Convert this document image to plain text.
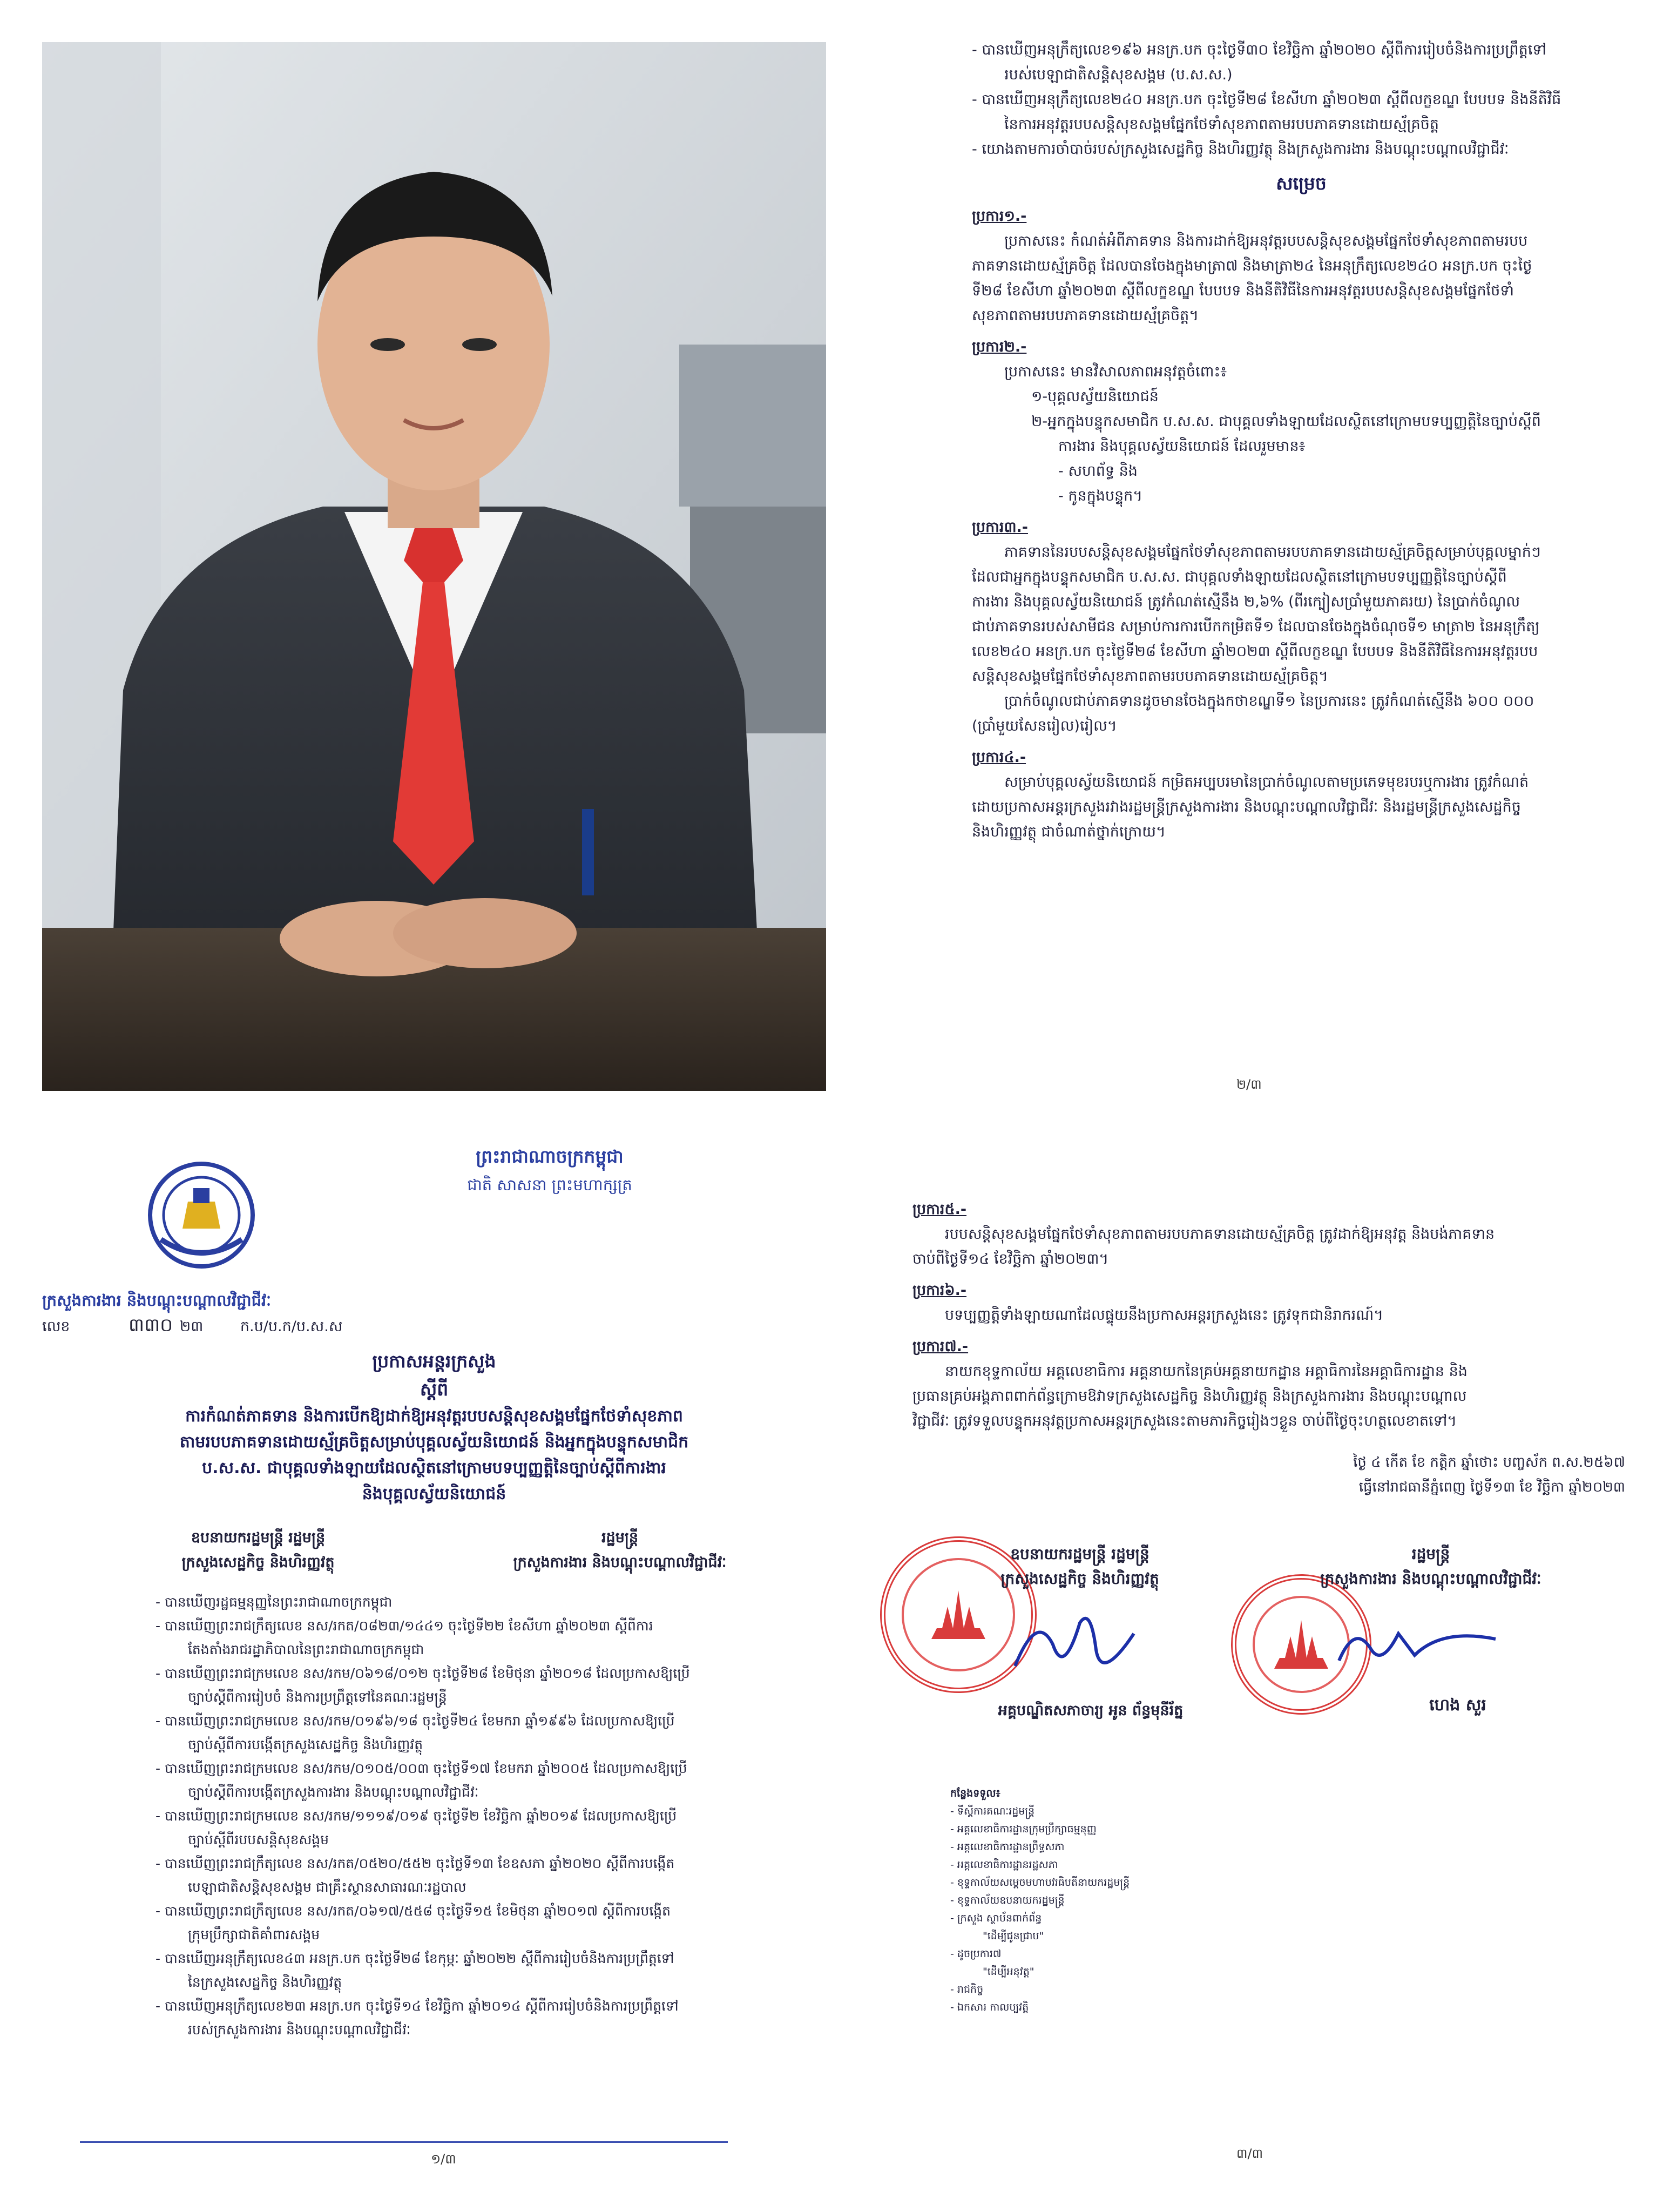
- បានឃើញអនុក្រឹត្យលេខ១៩៦ អនក្រ.បក ចុះថ្ងៃទី៣០ ខែវិច្ឆិកា ឆ្នាំ២០២០ ស្តីពីការរៀបចំនិងការប្រព្រឹត្តទៅ
របស់បេឡាជាតិសន្តិសុខសង្គម (ប.ស.ស.)
- បានឃើញអនុក្រឹត្យលេខ២៤០ អនក្រ.បក ចុះថ្ងៃទី២៨ ខែសីហា ឆ្នាំ២០២៣ ស្តីពីលក្ខខណ្ឌ បែបបទ និងនីតិវិធី
នៃការអនុវត្តរបបសន្តិសុខសង្គមផ្នែកថែទាំសុខភាពតាមរបបភាគទានដោយស្ម័គ្រចិត្ត
- យោងតាមការចាំបាច់របស់ក្រសួងសេដ្ឋកិច្ច និងហិរញ្ញវត្ថុ និងក្រសួងការងារ និងបណ្តុះបណ្តាលវិជ្ជាជីវៈ
សម្រេច
ប្រការ១.-
ប្រកាសនេះ កំណត់អំពីភាគទាន និងការដាក់ឱ្យអនុវត្តរបបសន្តិសុខសង្គមផ្នែកថែទាំសុខភាពតាមរបប
ភាគទានដោយស្ម័គ្រចិត្ត ដែលបានចែងក្នុងមាត្រា៧ និងមាត្រា២៤ នៃអនុក្រឹត្យលេខ២៤០ អនក្រ.បក ចុះថ្ងៃ
ទី២៨ ខែសីហា ឆ្នាំ២០២៣ ស្តីពីលក្ខខណ្ឌ បែបបទ និងនីតិវិធីនៃការអនុវត្តរបបសន្តិសុខសង្គមផ្នែកថែទាំ
សុខភាពតាមរបបភាគទានដោយស្ម័គ្រចិត្ត។
ប្រការ២.-
ប្រកាសនេះ មានវិសាលភាពអនុវត្តចំពោះ៖
១-បុគ្គលស្វ័យនិយោជន៍
២-អ្នកក្នុងបន្ទុកសមាជិក ប.ស.ស. ជាបុគ្គលទាំងឡាយដែលស្ថិតនៅក្រោមបទប្បញ្ញត្តិនៃច្បាប់ស្តីពី
ការងារ និងបុគ្គលស្វ័យនិយោជន៍ ដែលរួមមាន៖
- សហព័ទ្ធ និង
- កូនក្នុងបន្ទុក។
ប្រការ៣.-
ភាគទាននៃរបបសន្តិសុខសង្គមផ្នែកថែទាំសុខភាពតាមរបបភាគទានដោយស្ម័គ្រចិត្តសម្រាប់បុគ្គលម្នាក់ៗ
ដែលជាអ្នកក្នុងបន្ទុកសមាជិក ប.ស.ស. ជាបុគ្គលទាំងឡាយដែលស្ថិតនៅក្រោមបទប្បញ្ញត្តិនៃច្បាប់ស្តីពី
ការងារ និងបុគ្គលស្វ័យនិយោជន៍ ត្រូវកំណត់ស្មើនឹង ២,៦% (ពីរក្បៀសប្រាំមួយភាគរយ) នៃប្រាក់ចំណូល
ជាប់ភាគទានរបស់សាមីជន សម្រាប់ការការបើកកម្រិតទី១ ដែលបានចែងក្នុងចំណុចទី១ មាត្រា២ នៃអនុក្រឹត្យ
លេខ២៤០ អនក្រ.បក ចុះថ្ងៃទី២៨ ខែសីហា ឆ្នាំ២០២៣ ស្តីពីលក្ខខណ្ឌ បែបបទ និងនីតិវិធីនៃការអនុវត្តរបប
សន្តិសុខសង្គមផ្នែកថែទាំសុខភាពតាមរបបភាគទានដោយស្ម័គ្រចិត្ត។
ប្រាក់ចំណូលជាប់ភាគទានដូចមានចែងក្នុងកថាខណ្ឌទី១ នៃប្រការនេះ ត្រូវកំណត់ស្មើនឹង ៦០០ ០០០
(ប្រាំមួយសែនរៀល)រៀល។
ប្រការ៤.-
សម្រាប់បុគ្គលស្វ័យនិយោជន៍ កម្រិតអប្បបរមានៃប្រាក់ចំណូលតាមប្រភេទមុខរបរឬការងារ ត្រូវកំណត់
ដោយប្រកាសអន្តរក្រសួងរវាងរដ្ឋមន្ត្រីក្រសួងការងារ និងបណ្តុះបណ្តាលវិជ្ជាជីវៈ និងរដ្ឋមន្ត្រីក្រសួងសេដ្ឋកិច្ច
និងហិរញ្ញវត្ថុ ជាចំណាត់ថ្នាក់ក្រោយ។
២/៣
ព្រះរាជាណាចក្រកម្ពុជា
ជាតិ សាសនា ព្រះមហាក្សត្រ
ក្រសួងការងារ និងបណ្តុះបណ្តាលវិជ្ជាជីវៈ
លេខ	៣៣០ ២៣	ក.ប/ប.ក/ប.ស.ស
ប្រកាសអន្តរក្រសួង
ស្តីពី
ការកំណត់ភាគទាន និងការបើកឱ្យដាក់ឱ្យអនុវត្តរបបសន្តិសុខសង្គមផ្នែកថែទាំសុខភាព
តាមរបបភាគទានដោយស្ម័គ្រចិត្តសម្រាប់បុគ្គលស្វ័យនិយោជន៍ និងអ្នកក្នុងបន្ទុកសមាជិក
ប.ស.ស. ជាបុគ្គលទាំងឡាយដែលស្ថិតនៅក្រោមបទប្បញ្ញត្តិនៃច្បាប់ស្តីពីការងារ
និងបុគ្គលស្វ័យនិយោជន៍
ឧបនាយករដ្ឋមន្ត្រី រដ្ឋមន្ត្រី
ក្រសួងសេដ្ឋកិច្ច និងហិរញ្ញវត្ថុ
រដ្ឋមន្ត្រី
ក្រសួងការងារ និងបណ្តុះបណ្តាលវិជ្ជាជីវៈ
- បានឃើញរដ្ឋធម្មនុញ្ញនៃព្រះរាជាណាចក្រកម្ពុជា
- បានឃើញព្រះរាជក្រឹត្យលេខ នស/រកត/០៨២៣/១៤៤១ ចុះថ្ងៃទី២២ ខែសីហា ឆ្នាំ២០២៣ ស្តីពីការ
តែងតាំងរាជរដ្ឋាភិបាលនៃព្រះរាជាណាចក្រកម្ពុជា
- បានឃើញព្រះរាជក្រមលេខ នស/រកម/០៦១៨/០១២ ចុះថ្ងៃទី២៨ ខែមិថុនា ឆ្នាំ២០១៨ ដែលប្រកាសឱ្យប្រើ
ច្បាប់ស្តីពីការរៀបចំ និងការប្រព្រឹត្តទៅនៃគណៈរដ្ឋមន្ត្រី
- បានឃើញព្រះរាជក្រមលេខ នស/រកម/០១៩៦/១៨ ចុះថ្ងៃទី២៤ ខែមករា ឆ្នាំ១៩៩៦ ដែលប្រកាសឱ្យប្រើ
ច្បាប់ស្តីពីការបង្កើតក្រសួងសេដ្ឋកិច្ច និងហិរញ្ញវត្ថុ
- បានឃើញព្រះរាជក្រមលេខ នស/រកម/០១០៥/០០៣ ចុះថ្ងៃទី១៧ ខែមករា ឆ្នាំ២០០៥ ដែលប្រកាសឱ្យប្រើ
ច្បាប់ស្តីពីការបង្កើតក្រសួងការងារ និងបណ្តុះបណ្តាលវិជ្ជាជីវៈ
- បានឃើញព្រះរាជក្រមលេខ នស/រកម/១១១៩/០១៩ ចុះថ្ងៃទី២ ខែវិច្ឆិកា ឆ្នាំ២០១៩ ដែលប្រកាសឱ្យប្រើ
ច្បាប់ស្តីពីរបបសន្តិសុខសង្គម
- បានឃើញព្រះរាជក្រឹត្យលេខ នស/រកត/០៥២០/៥៥២ ចុះថ្ងៃទី១៣ ខែឧសភា ឆ្នាំ២០២០ ស្តីពីការបង្កើត
បេឡាជាតិសន្តិសុខសង្គម ជាគ្រឹះស្ថានសាធារណៈរដ្ឋបាល
- បានឃើញព្រះរាជក្រឹត្យលេខ នស/រកត/០៦១៧/៥៥៨ ចុះថ្ងៃទី១៥ ខែមិថុនា ឆ្នាំ២០១៧ ស្តីពីការបង្កើត
ក្រុមប្រឹក្សាជាតិគាំពារសង្គម
- បានឃើញអនុក្រឹត្យលេខ៤៣ អនក្រ.បក ចុះថ្ងៃទី២៨ ខែកុម្ភៈ ឆ្នាំ២០២២ ស្តីពីការរៀបចំនិងការប្រព្រឹត្តទៅ
នៃក្រសួងសេដ្ឋកិច្ច និងហិរញ្ញវត្ថុ
- បានឃើញអនុក្រឹត្យលេខ២៣ អនក្រ.បក ចុះថ្ងៃទី១៤ ខែវិច្ឆិកា ឆ្នាំ២០១៤ ស្តីពីការរៀបចំនិងការប្រព្រឹត្តទៅ
របស់ក្រសួងការងារ និងបណ្តុះបណ្តាលវិជ្ជាជីវៈ
១/៣
ប្រការ៥.-
របបសន្តិសុខសង្គមផ្នែកថែទាំសុខភាពតាមរបបភាគទានដោយស្ម័គ្រចិត្ត ត្រូវដាក់ឱ្យអនុវត្ត និងបង់ភាគទាន
ចាប់ពីថ្ងៃទី១៤ ខែវិច្ឆិកា ឆ្នាំ២០២៣។
ប្រការ៦.-
បទប្បញ្ញត្តិទាំងឡាយណាដែលផ្ទុយនឹងប្រកាសអន្តរក្រសួងនេះ ត្រូវទុកជានិរាករណ៍។
ប្រការ៧.-
នាយកខុទ្ទកាល័យ អគ្គលេខាធិការ អគ្គនាយកនៃគ្រប់អគ្គនាយកដ្ឋាន អគ្គាធិការនៃអគ្គាធិការដ្ឋាន និង
ប្រធានគ្រប់អង្គភាពពាក់ព័ន្ធក្រោមឱវាទក្រសួងសេដ្ឋកិច្ច និងហិរញ្ញវត្ថុ និងក្រសួងការងារ និងបណ្តុះបណ្តាល
វិជ្ជាជីវៈ ត្រូវទទួលបន្ទុកអនុវត្តប្រកាសអន្តរក្រសួងនេះតាមភារកិច្ចរៀងៗខ្លួន ចាប់ពីថ្ងៃចុះហត្ថលេខាតទៅ។
ថ្ងៃ ៤ កើត ខែ កត្តិក ឆ្នាំថោះ បញ្ចស័ក ព.ស.២៥៦៧
ធ្វើនៅរាជធានីភ្នំពេញ ថ្ងៃទី១៣ ខែ វិច្ឆិកា ឆ្នាំ២០២៣
ឧបនាយករដ្ឋមន្ត្រី រដ្ឋមន្ត្រី
ក្រសួងសេដ្ឋកិច្ច និងហិរញ្ញវត្ថុ
អគ្គបណ្ឌិតសភាចារ្យ អូន ព័ន្ធមុនីរ័ត្ន
រដ្ឋមន្ត្រី
ក្រសួងការងារ និងបណ្តុះបណ្តាលវិជ្ជាជីវៈ
ហេង សួរ
កន្លែងទទួល៖
- ទីស្តីការគណៈរដ្ឋមន្ត្រី
- អគ្គលេខាធិការដ្ឋានក្រុមប្រឹក្សាធម្មនុញ្ញ
- អគ្គលេខាធិការដ្ឋានព្រឹទ្ធសភា
- អគ្គលេខាធិការដ្ឋានរដ្ឋសភា
- ខុទ្ទកាល័យសម្តេចមហាបវរធិបតីនាយករដ្ឋមន្ត្រី
- ខុទ្ទកាល័យឧបនាយករដ្ឋមន្ត្រី
- ក្រសួង ស្ថាប័នពាក់ព័ន្ធ
"ដើម្បីជូនជ្រាប"
- ដូចប្រការ៧
"ដើម្បីអនុវត្ត"
- រាជកិច្ច
- ឯកសារ កាលប្បវត្តិ
៣/៣
